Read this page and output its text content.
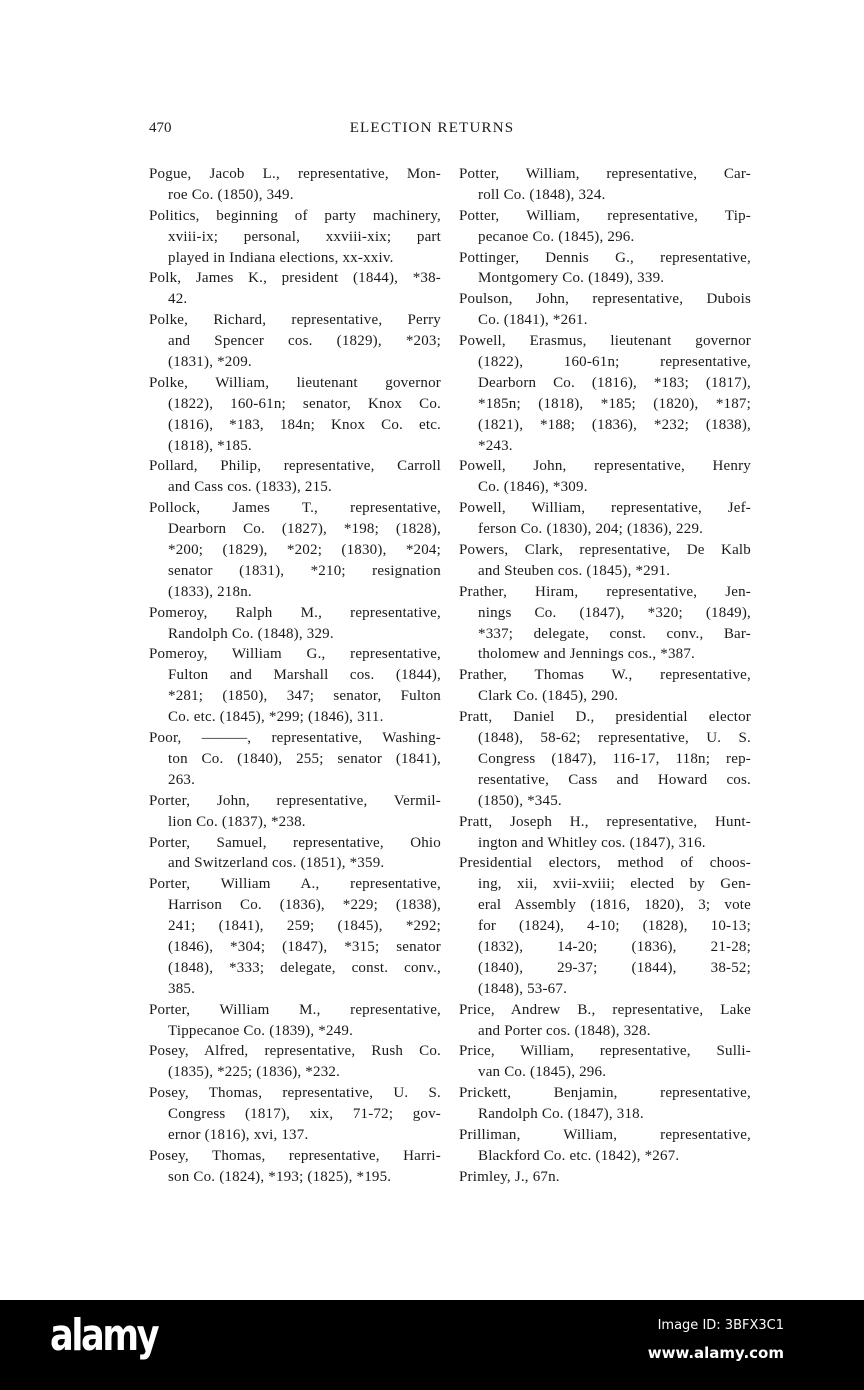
470	ELECTION RETURNS
Pogue, Jacob L., representative, Mon-
roe Co. (1850), 349.
Politics, beginning of party machinery,
xviii-ix; personal, xxviii-xix; part
played in Indiana elections, xx-xxiv.
Polk, James K., president (1844), *38-
42.
Polke, Richard, representative, Perry
and Spencer cos. (1829), *203;
(1831), *209.
Polke, William, lieutenant governor
(1822), 160-61n; senator, Knox Co.
(1816), *183, 184n; Knox Co. etc.
(1818), *185.
Pollard, Philip, representative, Carroll
and Cass cos. (1833), 215.
Pollock, James T., representative,
Dearborn Co. (1827), *198; (1828),
*200; (1829), *202; (1830), *204;
senator (1831), *210; resignation
(1833), 218n.
Pomeroy, Ralph M., representative,
Randolph Co. (1848), 329.
Pomeroy, William G., representative,
Fulton and Marshall cos. (1844),
*281; (1850), 347; senator, Fulton
Co. etc. (1845), *299; (1846), 311.
Poor, ———, representative, Washing-
ton Co. (1840), 255; senator (1841),
263.
Porter, John, representative, Vermil-
lion Co. (1837), *238.
Porter, Samuel, representative, Ohio
and Switzerland cos. (1851), *359.
Porter, William A., representative,
Harrison Co. (1836), *229; (1838),
241; (1841), 259; (1845), *292;
(1846), *304; (1847), *315; senator
(1848), *333; delegate, const. conv.,
385.
Porter, William M., representative,
Tippecanoe Co. (1839), *249.
Posey, Alfred, representative, Rush Co.
(1835), *225; (1836), *232.
Posey, Thomas, representative, U. S.
Congress (1817), xix, 71-72; gov-
ernor (1816), xvi, 137.
Posey, Thomas, representative, Harri-
son Co. (1824), *193; (1825), *195.
Potter, William, representative, Car-
roll Co. (1848), 324.
Potter, William, representative, Tip-
pecanoe Co. (1845), 296.
Pottinger, Dennis G., representative,
Montgomery Co. (1849), 339.
Poulson, John, representative, Dubois
Co. (1841), *261.
Powell, Erasmus, lieutenant governor
(1822), 160-61n; representative,
Dearborn Co. (1816), *183; (1817),
*185n; (1818), *185; (1820), *187;
(1821), *188; (1836), *232; (1838),
*243.
Powell, John, representative, Henry
Co. (1846), *309.
Powell, William, representative, Jef-
ferson Co. (1830), 204; (1836), 229.
Powers, Clark, representative, De Kalb
and Steuben cos. (1845), *291.
Prather, Hiram, representative, Jen-
nings Co. (1847), *320; (1849),
*337; delegate, const. conv., Bar-
tholomew and Jennings cos., *387.
Prather, Thomas W., representative,
Clark Co. (1845), 290.
Pratt, Daniel D., presidential elector
(1848), 58-62; representative, U. S.
Congress (1847), 116-17, 118n; rep-
resentative, Cass and Howard cos.
(1850), *345.
Pratt, Joseph H., representative, Hunt-
ington and Whitley cos. (1847), 316.
Presidential electors, method of choos-
ing, xii, xvii-xviii; elected by Gen-
eral Assembly (1816, 1820), 3; vote
for (1824), 4-10; (1828), 10-13;
(1832), 14-20; (1836), 21-28;
(1840), 29-37; (1844), 38-52;
(1848), 53-67.
Price, Andrew B., representative, Lake
and Porter cos. (1848), 328.
Price, William, representative, Sulli-
van Co. (1845), 296.
Prickett, Benjamin, representative,
Randolph Co. (1847), 318.
Prilliman, William, representative,
Blackford Co. etc. (1842), *267.
Primley, J., 67n.
alamy	Image ID: 3BFX3C1
www.alamy.com
